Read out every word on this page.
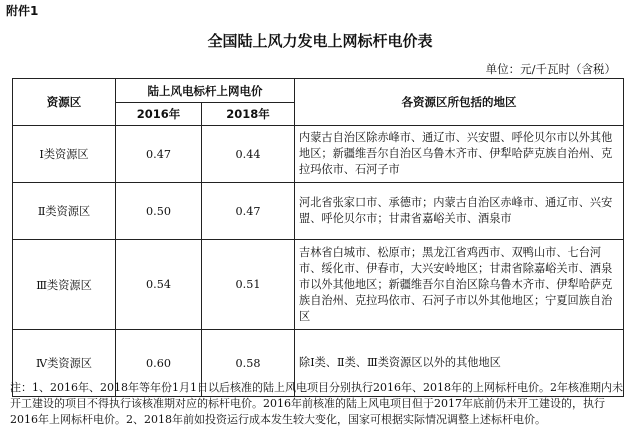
附件1
全国陆上风力发电上网标杆电价表
单位：元/千瓦时（含税）
资源区	陆上风电标杆上网电价		各资源区所包括的地区
	2016年	2018年	
Ⅰ类资源区	0.47	0.44	内蒙古自治区除赤峰市、通辽市、兴安盟、呼伦贝尔市以外其他地区；新疆维吾尔自治区乌鲁木齐市、伊犁哈萨克族自治州、克拉玛依市、石河子市
Ⅱ类资源区	0.50	0.47	河北省张家口市、承德市；内蒙古自治区赤峰市、通辽市、兴安盟、呼伦贝尔市；甘肃省嘉峪关市、酒泉市
Ⅲ类资源区	0.54	0.51	吉林省白城市、松原市；黑龙江省鸡西市、双鸭山市、七台河市、绥化市、伊春市，大兴安岭地区；甘肃省除嘉峪关市、酒泉市以外其他地区；新疆维吾尔自治区除乌鲁木齐市、伊犁哈萨克族自治州、克拉玛依市、石河子市以外其他地区；宁夏回族自治区
Ⅳ类资源区	0.60	0.58	除Ⅰ类、Ⅱ类、Ⅲ类资源区以外的其他地区
注：1、2016年、2018年等年份1月1日以后核准的陆上风电项目分别执行2016年、2018年的上网标杆电价。2年核准期内未开工建设的项目不得执行该核准期对应的标杆电价。2016年前核准的陆上风电项目但于2017年底前仍未开工建设的，执行2016年上网标杆电价。2、2018年前如投资运行成本发生较大变化，国家可根据实际情况调整上述标杆电价。
